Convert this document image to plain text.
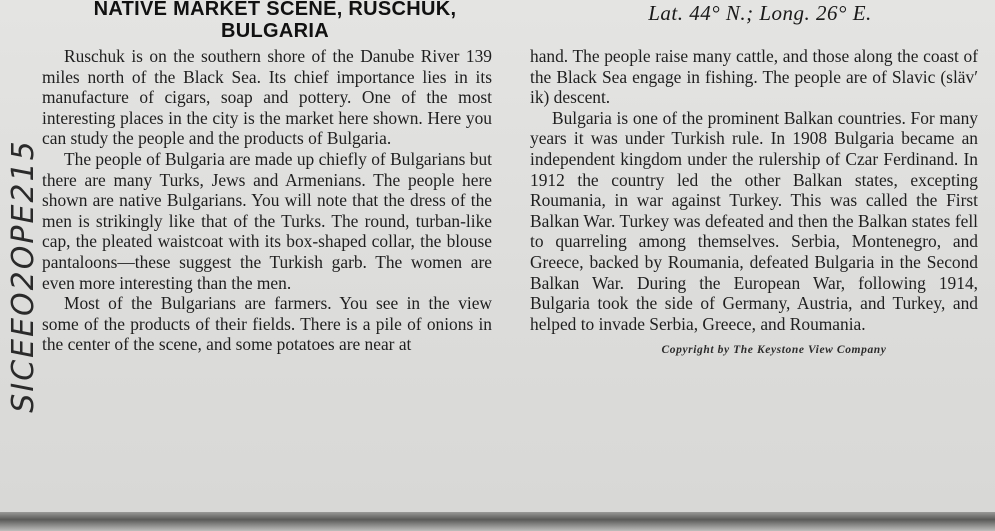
SICEEO2OPE215
NATIVE MARKET SCENE, RUSCHUK,
BULGARIA
Lat. 44° N.; Long. 26° E.

Ruschuk is on the southern shore of the Danube River 139 miles north of the Black Sea. Its chief importance lies in its manufacture of cigars, soap and pottery. One of the most interesting places in the city is the market here shown. Here you can study the people and the products of Bulgaria.

The people of Bulgaria are made up chiefly of Bulgarians but there are many Turks, Jews and Armenians. The people here shown are native Bulgarians. You will note that the dress of the men is strikingly like that of the Turks. The round, turban-like cap, the pleated waistcoat with its box-shaped collar, the blouse pantaloons—these suggest the Turkish garb. The women are even more interesting than the men.

Most of the Bulgarians are farmers. You see in the view some of the products of their fields. There is a pile of onions in the center of the scene, and some potatoes are near at

hand. The people raise many cattle, and those along the coast of the Black Sea engage in fishing. The people are of Slavic (släv′ ik) descent.

Bulgaria is one of the prominent Balkan countries. For many years it was under Turkish rule. In 1908 Bulgaria became an independent kingdom under the rulership of Czar Ferdinand. In 1912 the country led the other Balkan states, excepting Roumania, in war against Turkey. This was called the First Balkan War. Turkey was defeated and then the Balkan states fell to quarreling among themselves. Serbia, Montenegro, and Greece, backed by Roumania, defeated Bulgaria in the Second Balkan War. During the European War, following 1914, Bulgaria took the side of Germany, Austria, and Turkey, and helped to invade Serbia, Greece, and Roumania.

Copyright by The Keystone View Company
